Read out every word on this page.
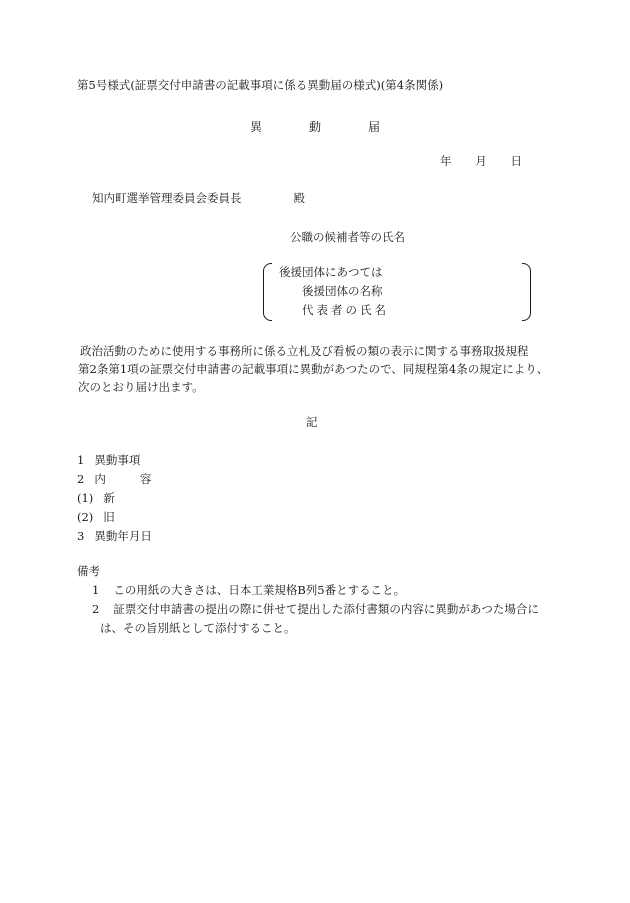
第5号様式(証票交付申請書の記載事項に係る異動届の様式)(第4条関係)
異	動	届
年 月 日
知内町選挙管理委員会委員長	殿
公職の候補者等の氏名
後援団体にあつては
後援団体の名称
代表者の氏名
政治活動のために使用する事務所に係る立札及び看板の類の表示に関する事務取扱規程
第2条第1項の証票交付申請書の記載事項に異動があつたので、同規程第4条の規定により、
次のとおり届け出ます。
記
1 異動事項
2 内	容
(1) 新
(2) 旧
3 異動年月日
備考
1 この用紙の大きさは、日本工業規格B列5番とすること。
2 証票交付申請書の提出の際に併せて提出した添付書類の内容に異動があつた場合に
は、その旨別紙として添付すること。
